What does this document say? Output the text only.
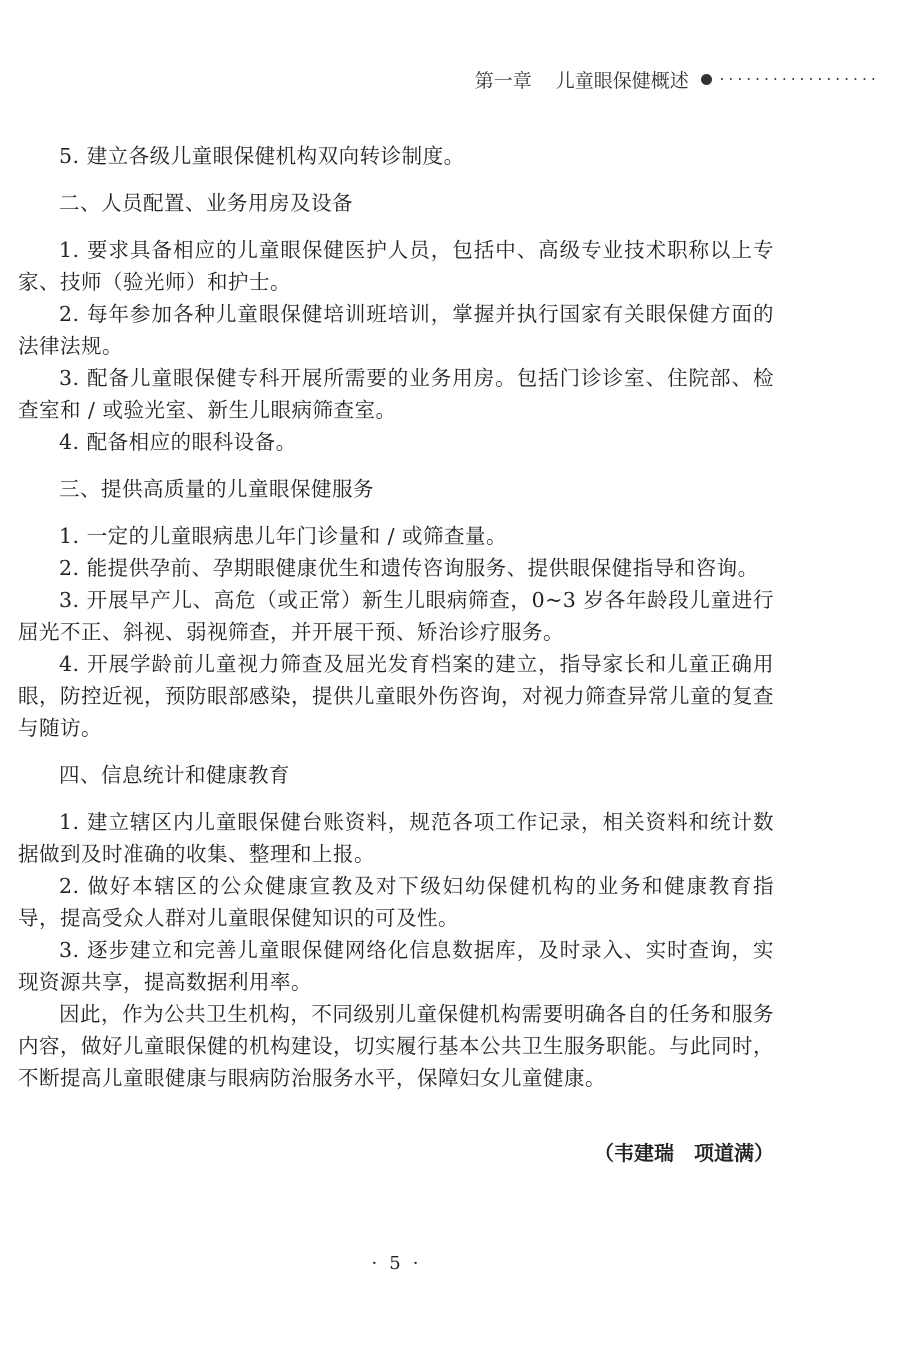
第一章 儿童眼保健概述 ··················

5. 建立各级儿童眼保健机构双向转诊制度。

二、人员配置、业务用房及设备

1. 要求具备相应的儿童眼保健医护人员，包括中、高级专业技术职称以上专家、技师（验光师）和护士。

2. 每年参加各种儿童眼保健培训班培训，掌握并执行国家有关眼保健方面的法律法规。

3. 配备儿童眼保健专科开展所需要的业务用房。包括门诊诊室、住院部、检查室和 / 或验光室、新生儿眼病筛查室。

4. 配备相应的眼科设备。

三、提供高质量的儿童眼保健服务

1. 一定的儿童眼病患儿年门诊量和 / 或筛查量。

2. 能提供孕前、孕期眼健康优生和遗传咨询服务、提供眼保健指导和咨询。

3. 开展早产儿、高危（或正常）新生儿眼病筛查，0~3 岁各年龄段儿童进行屈光不正、斜视、弱视筛查，并开展干预、矫治诊疗服务。

4. 开展学龄前儿童视力筛查及屈光发育档案的建立，指导家长和儿童正确用眼，防控近视，预防眼部感染，提供儿童眼外伤咨询，对视力筛查异常儿童的复查与随访。

四、信息统计和健康教育

1. 建立辖区内儿童眼保健台账资料，规范各项工作记录，相关资料和统计数据做到及时准确的收集、整理和上报。

2. 做好本辖区的公众健康宣教及对下级妇幼保健机构的业务和健康教育指导，提高受众人群对儿童眼保健知识的可及性。

3. 逐步建立和完善儿童眼保健网络化信息数据库，及时录入、实时查询，实现资源共享，提高数据利用率。

因此，作为公共卫生机构，不同级别儿童保健机构需要明确各自的任务和服务内容，做好儿童眼保健的机构建设，切实履行基本公共卫生服务职能。与此同时，不断提高儿童眼健康与眼病防治服务水平，保障妇女儿童健康。

（韦建瑞　项道满）
· 5 ·
